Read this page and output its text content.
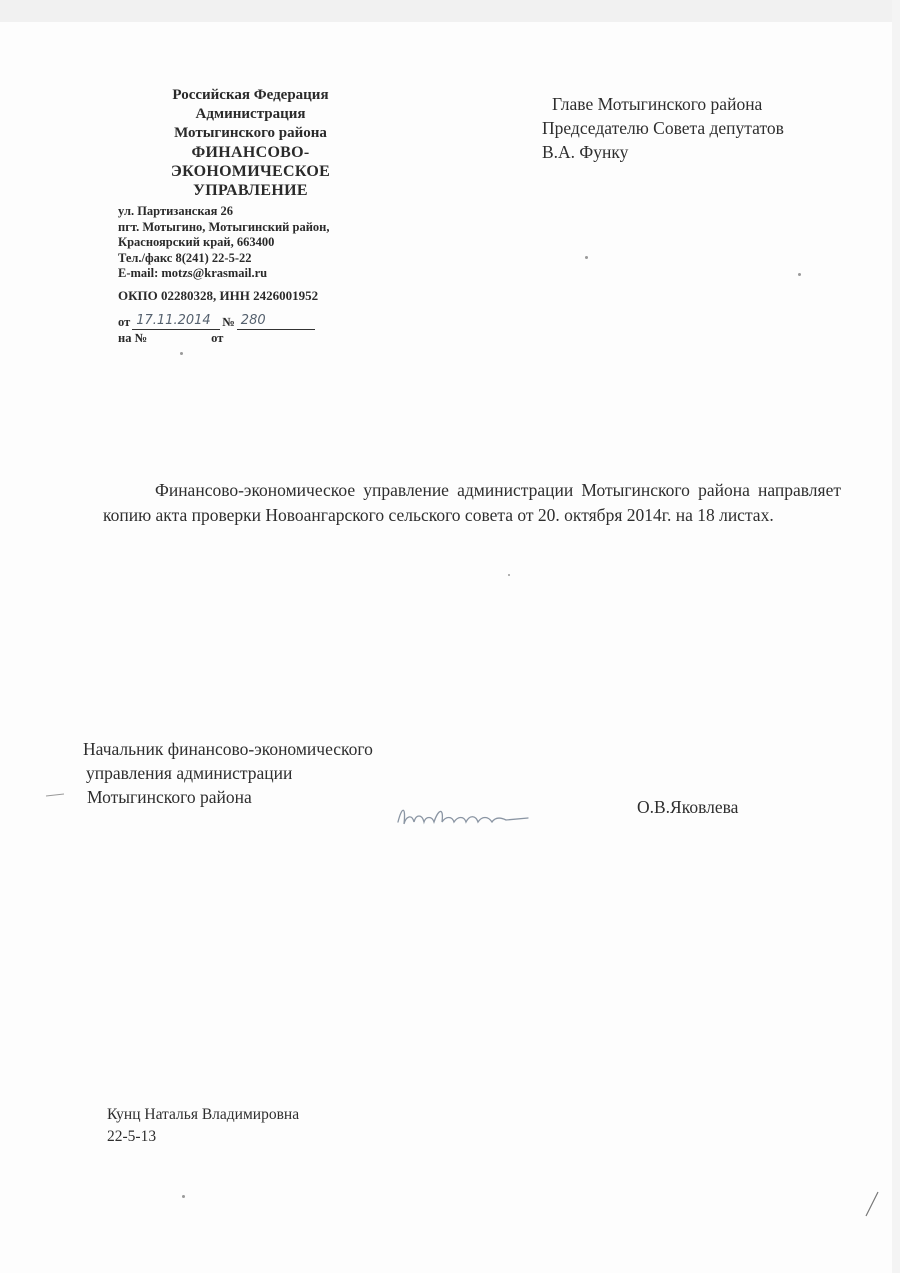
Российская Федерация
Администрация
Мотыгинского района
ФИНАНСОВО-
ЭКОНОМИЧЕСКОЕ
УПРАВЛЕНИЕ
ул. Партизанская 26
пгт. Мотыгино, Мотыгинский район,
Красноярский край, 663400
Тел./факс 8(241) 22-5-22
E-mail: motzs@krasmail.ru
ОКПО 02280328, ИНН 2426001952
от 17.11.2014 № 280
на №	от
Главе Мотыгинского района
Председателю Совета депутатов
В.А. Функу
Финансово-экономическое управление администрации Мотыгинского района направляет копию акта проверки Новоангарского сельского совета от 20. октября 2014г. на 18 листах.
Начальник финансово-экономического
управления администрации
Мотыгинского района	О.В.Яковлева
Кунц Наталья Владимировна
22-5-13
